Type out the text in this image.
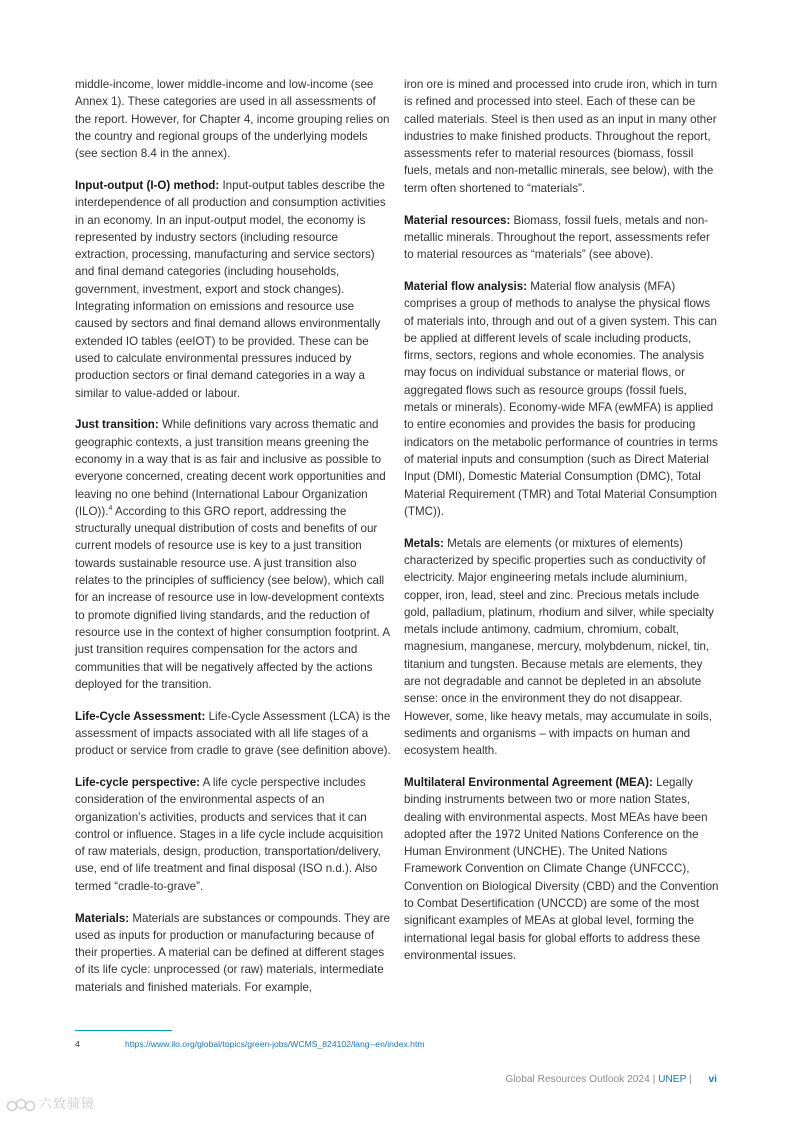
middle-income, lower middle-income and low-income (see Annex 1). These categories are used in all assessments of the report. However, for Chapter 4, income grouping relies on the country and regional groups of the underlying models (see section 8.4 in the annex).

Input-output (I-O) method: Input-output tables describe the interdependence of all production and consumption activities in an economy. In an input-output model, the economy is represented by industry sectors (including resource extraction, processing, manufacturing and service sectors) and final demand categories (including households, government, investment, export and stock changes). Integrating information on emissions and resource use caused by sectors and final demand allows environmentally extended IO tables (eeIOT) to be provided. These can be used to calculate environmental pressures induced by production sectors or final demand categories in a way a similar to value-added or labour.

Just transition: While definitions vary across thematic and geographic contexts, a just transition means greening the economy in a way that is as fair and inclusive as possible to everyone concerned, creating decent work opportunities and leaving no one behind (International Labour Organization (ILO)).$^4$ According to this GRO report, addressing the structurally unequal distribution of costs and benefits of our current models of resource use is key to a just transition towards sustainable resource use. A just transition also relates to the principles of sufficiency (see below), which call for an increase of resource use in low-development contexts to promote dignified living standards, and the reduction of resource use in the context of higher consumption footprint. A just transition requires compensation for the actors and communities that will be negatively affected by the actions deployed for the transition.

Life-Cycle Assessment: Life-Cycle Assessment (LCA) is the assessment of impacts associated with all life stages of a product or service from cradle to grave (see definition above).

Life-cycle perspective: A life cycle perspective includes consideration of the environmental aspects of an organization’s activities, products and services that it can control or influence. Stages in a life cycle include acquisition of raw materials, design, production, transportation/delivery, use, end of life treatment and final disposal (ISO n.d.). Also termed “cradle-to-grave”.

Materials: Materials are substances or compounds. They are used as inputs for production or manufacturing because of their properties. A material can be defined at different stages of its life cycle: unprocessed (or raw) materials, intermediate materials and finished materials. For example,

iron ore is mined and processed into crude iron, which in turn is refined and processed into steel. Each of these can be called materials. Steel is then used as an input in many other industries to make finished products. Throughout the report, assessments refer to material resources (biomass, fossil fuels, metals and non-metallic minerals, see below), with the term often shortened to “materials”.

Material resources: Biomass, fossil fuels, metals and non-metallic minerals. Throughout the report, assessments refer to material resources as “materials” (see above).

Material flow analysis: Material flow analysis (MFA) comprises a group of methods to analyse the physical flows of materials into, through and out of a given system. This can be applied at different levels of scale including products, firms, sectors, regions and whole economies. The analysis may focus on individual substance or material flows, or aggregated flows such as resource groups (fossil fuels, metals or minerals). Economy-wide MFA (ewMFA) is applied to entire economies and provides the basis for producing indicators on the metabolic performance of countries in terms of material inputs and consumption (such as Direct Material Input (DMI), Domestic Material Consumption (DMC), Total Material Requirement (TMR) and Total Material Consumption (TMC)).

Metals: Metals are elements (or mixtures of elements) characterized by specific properties such as conductivity of electricity. Major engineering metals include aluminium, copper, iron, lead, steel and zinc. Precious metals include gold, palladium, platinum, rhodium and silver, while specialty metals include antimony, cadmium, chromium, cobalt, magnesium, manganese, mercury, molybdenum, nickel, tin, titanium and tungsten. Because metals are elements, they are not degradable and cannot be depleted in an absolute sense: once in the environment they do not disappear. However, some, like heavy metals, may accumulate in soils, sediments and organisms – with impacts on human and ecosystem health.

Multilateral Environmental Agreement (MEA): Legally binding instruments between two or more nation States, dealing with environmental aspects. Most MEAs have been adopted after the 1972 United Nations Conference on the Human Environment (UNCHE). The United Nations Framework Convention on Climate Change (UNFCCC), Convention on Biological Diversity (CBD) and the Convention to Combat Desertification (UNCCD) are some of the most significant examples of MEAs at global level, forming the international legal basis for global efforts to address these environmental issues.

4	https://www.ilo.org/global/topics/green-jobs/WCMS_824102/lang--en/index.htm
Global Resources Outlook 2024 | UNEP | vi
六致骑镜
